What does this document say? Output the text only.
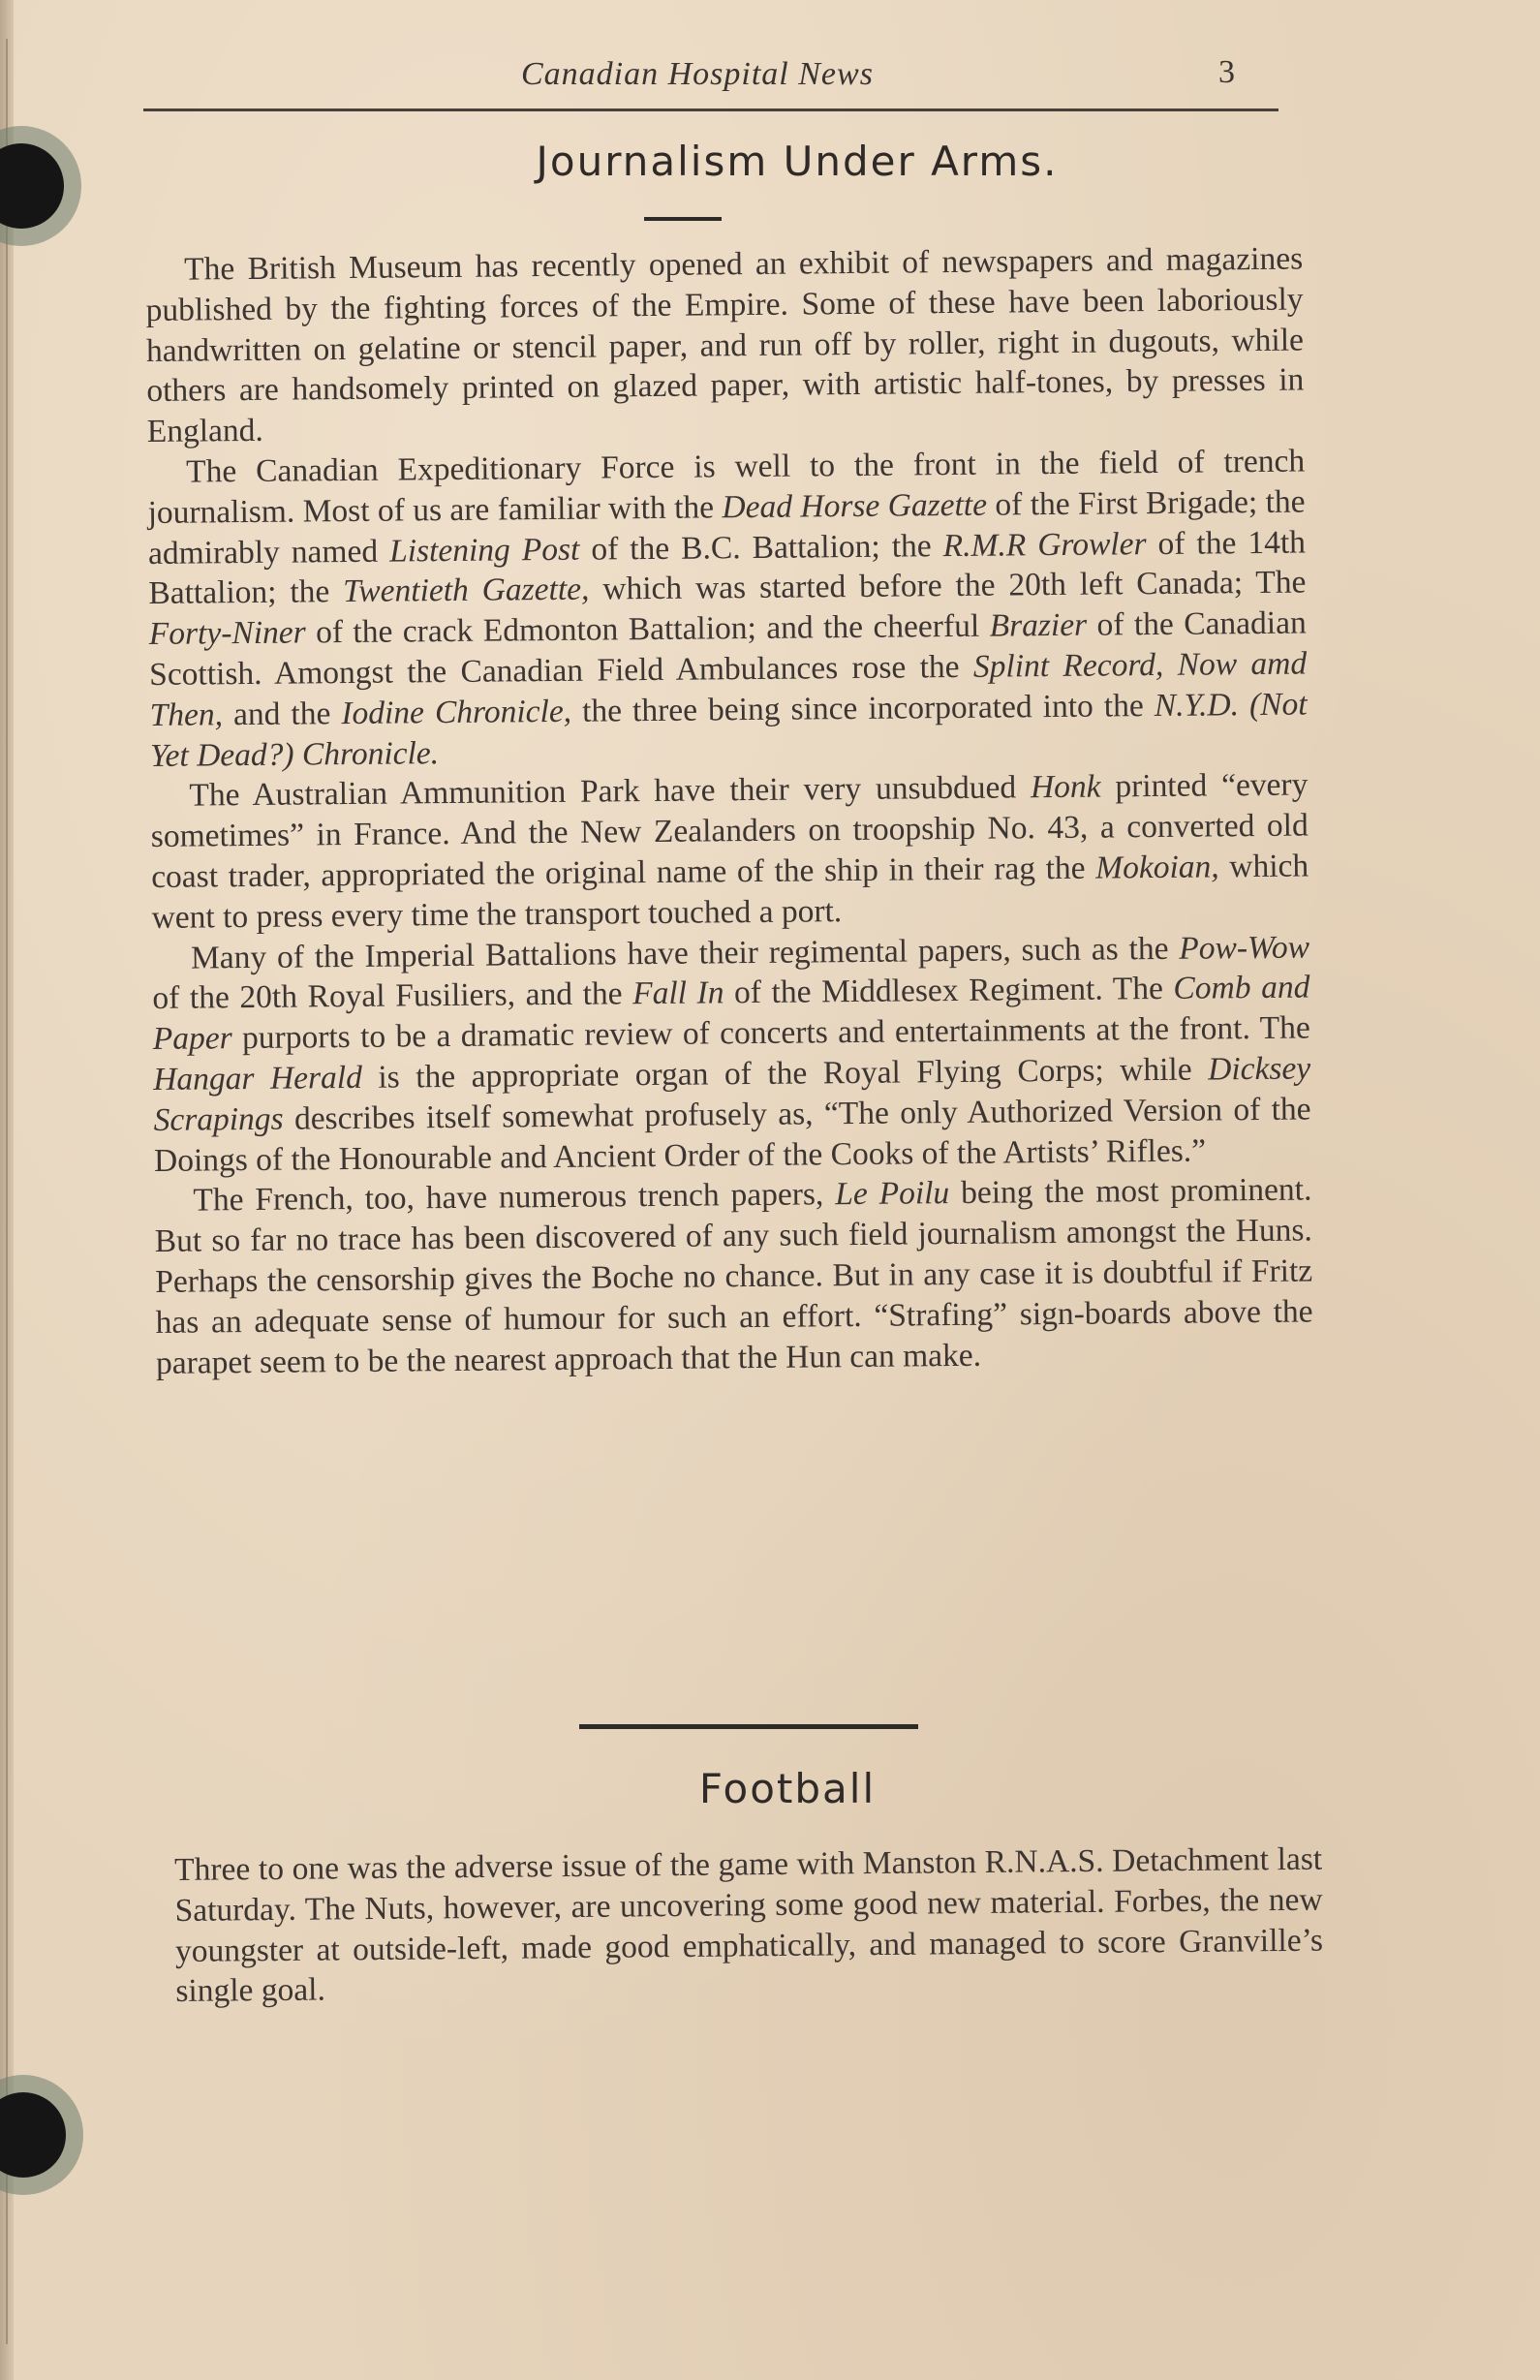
Canadian Hospital News	3
Journalism Under Arms.

The British Museum has recently opened an exhibit of newspapers and magazines published by the fighting forces of the Empire. Some of these have been laboriously handwritten on gelatine or stencil paper, and run off by roller, right in dugouts, while others are handsomely printed on glazed paper, with artistic half-tones, by presses in England.

The Canadian Expeditionary Force is well to the front in the field of trench journalism. Most of us are familiar with the Dead Horse Gazette of the First Brigade; the admirably named Listening Post of the B.C. Battalion; the R.M.R Growler of the 14th Battalion; the Twentieth Gazette, which was started before the 20th left Canada; The Forty-Niner of the crack Edmonton Battalion; and the cheerful Brazier of the Canadian Scottish. Amongst the Canadian Field Ambulances rose the Splint Record, Now amd Then, and the Iodine Chronicle, the three being since incorporated into the N.Y.D. (Not Yet Dead?) Chronicle.

The Australian Ammunition Park have their very unsubdued Honk printed “every sometimes” in France. And the New Zealanders on troopship No. 43, a converted old coast trader, appropriated the original name of the ship in their rag the Mokoian, which went to press every time the transport touched a port.

Many of the Imperial Battalions have their regimental papers, such as the Pow-Wow of the 20th Royal Fusiliers, and the Fall In of the Middlesex Regiment. The Comb and Paper purports to be a dramatic review of concerts and entertainments at the front. The Hangar Herald is the appropriate organ of the Royal Flying Corps; while Dicksey Scrapings describes itself somewhat profusely as, “The only Authorized Version of the Doings of the Honourable and Ancient Order of the Cooks of the Artists’ Rifles.”

The French, too, have numerous trench papers, Le Poilu being the most prominent. But so far no trace has been discovered of any such field journalism amongst the Huns. Perhaps the censorship gives the Boche no chance. But in any case it is doubtful if Fritz has an adequate sense of humour for such an effort. “Strafing” sign-boards above the parapet seem to be the nearest approach that the Hun can make.

Football

Three to one was the adverse issue of the game with Manston R.N.A.S. Detachment last Saturday. The Nuts, however, are uncovering some good new material. Forbes, the new youngster at outside-left, made good emphatically, and managed to score Granville’s single goal.
